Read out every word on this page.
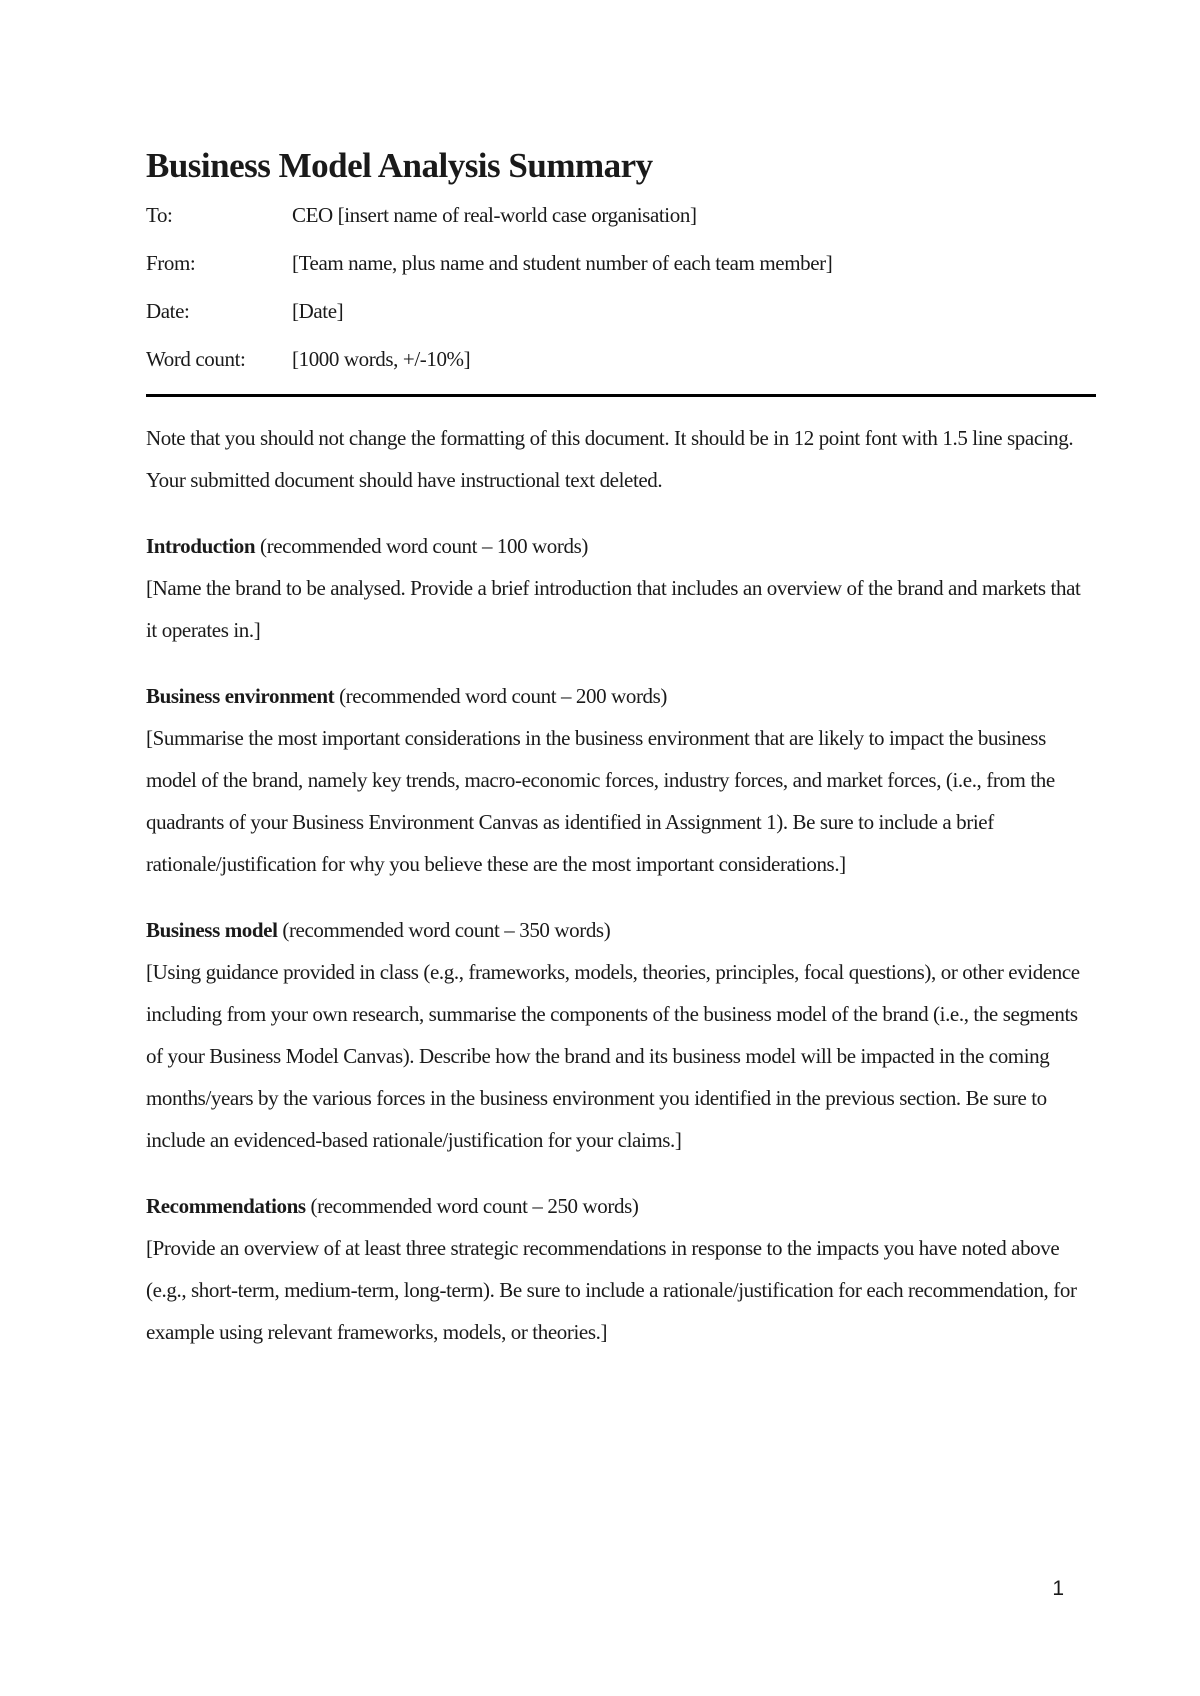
Business Model Analysis Summary
To:	CEO [insert name of real-world case organisation]
From:	[Team name, plus name and student number of each team member]
Date:	[Date]
Word count:	[1000 words, +/-10%]

Note that you should not change the formatting of this document. It should be in 12 point font with 1.5 line spacing. Your submitted document should have instructional text deleted.

Introduction (recommended word count – 100 words)

[Name the brand to be analysed. Provide a brief introduction that includes an overview of the brand and markets that it operates in.]

Business environment (recommended word count – 200 words)

[Summarise the most important considerations in the business environment that are likely to impact the business model of the brand, namely key trends, macro-economic forces, industry forces, and market forces, (i.e., from the quadrants of your Business Environment Canvas as identified in Assignment 1). Be sure to include a brief rationale/justification for why you believe these are the most important considerations.]

Business model (recommended word count – 350 words)

[Using guidance provided in class (e.g., frameworks, models, theories, principles, focal questions), or other evidence including from your own research, summarise the components of the business model of the brand (i.e., the segments of your Business Model Canvas). Describe how the brand and its business model will be impacted in the coming months/years by the various forces in the business environment you identified in the previous section. Be sure to include an evidenced-based rationale/justification for your claims.]

Recommendations (recommended word count – 250 words)

[Provide an overview of at least three strategic recommendations in response to the impacts you have noted above (e.g., short-term, medium-term, long-term). Be sure to include a rationale/justification for each recommendation, for example using relevant frameworks, models, or theories.]

1
